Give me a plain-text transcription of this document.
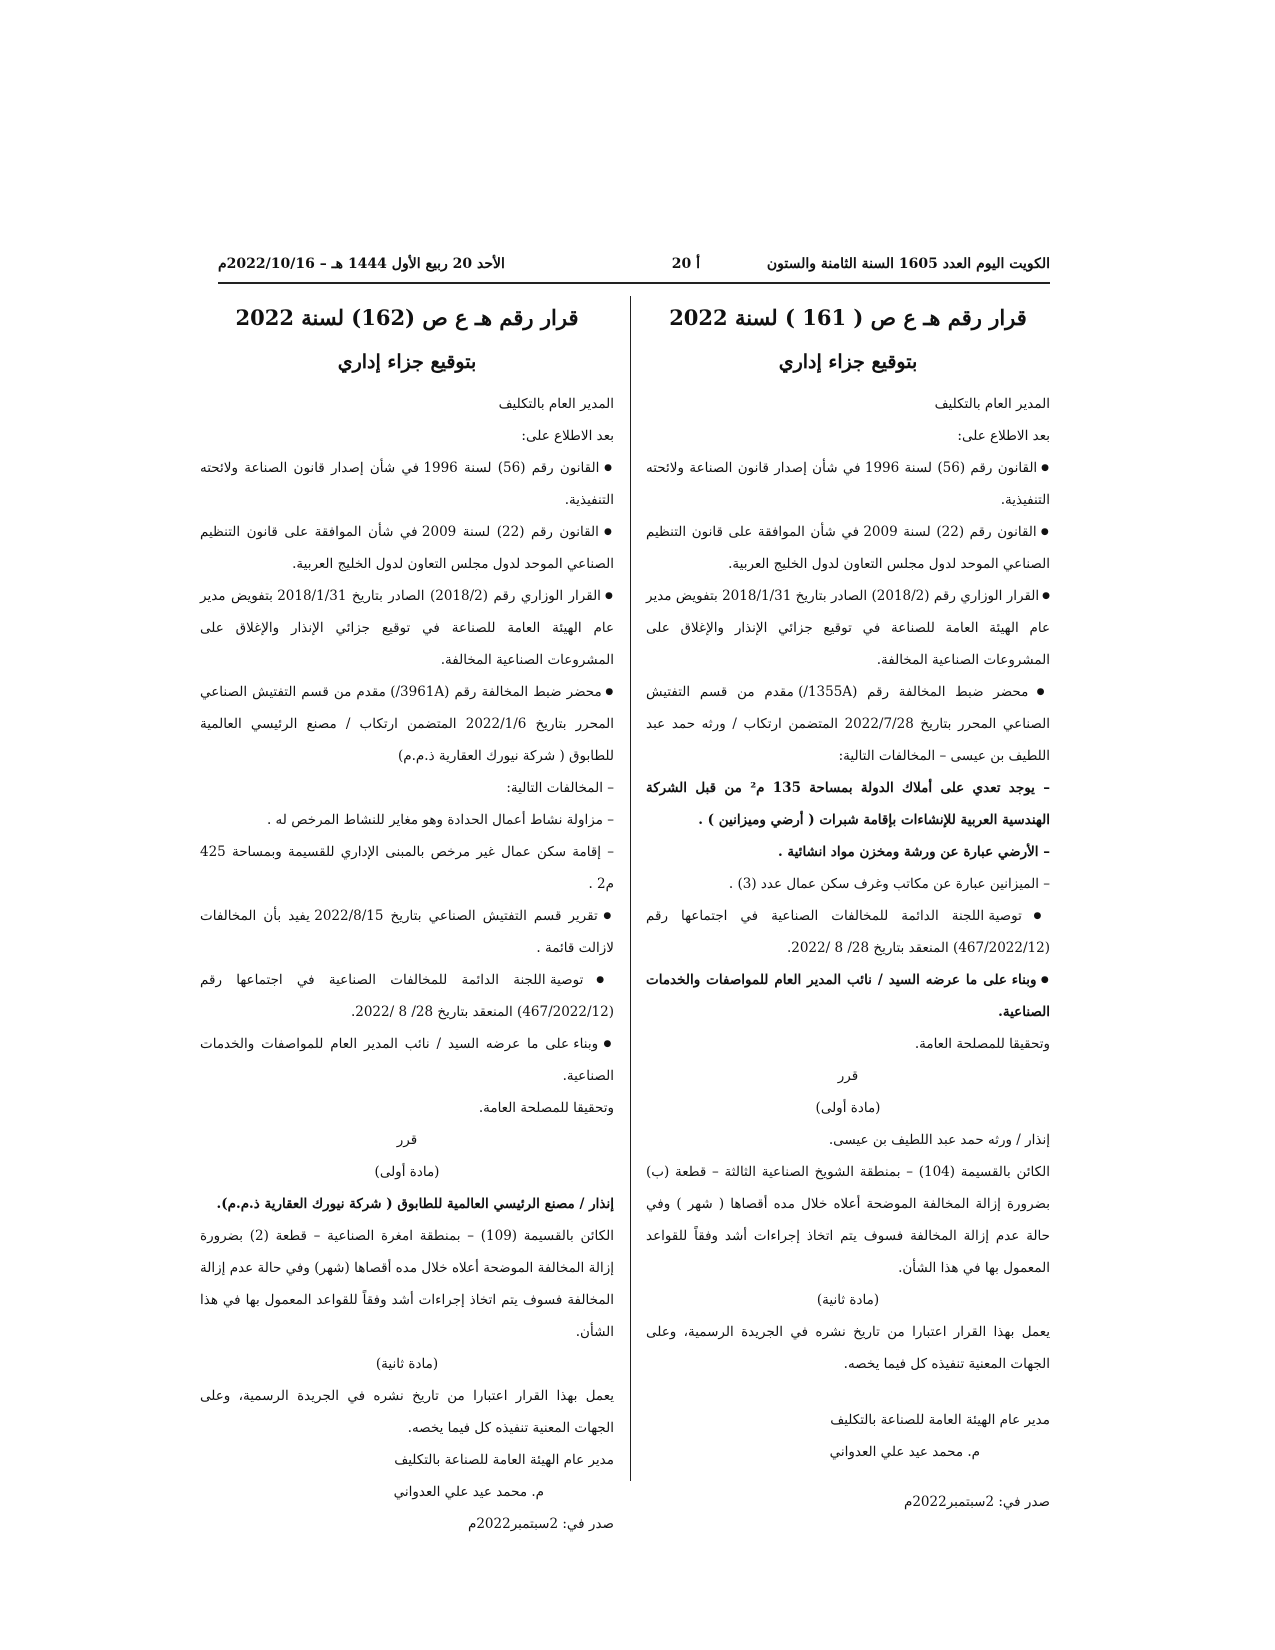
الكويت اليوم العدد 1605 السنة الثامنة والستون
أ 20
الأحد 20 ربيع الأول 1444 هـ – 2022/10/16م

قرار رقم هـ ع ص ( 161 ) لسنة 2022

بتوقيع جزاء إداري

المدير العام بالتكليف

بعد الاطلاع على:

● القانون رقم (56) لسنة 1996 في شأن إصدار قانون الصناعة ولائحته التنفيذية.

● القانون رقم (22) لسنة 2009 في شأن الموافقة على قانون التنظيم الصناعي الموحد لدول مجلس التعاون لدول الخليج العربية.

● القرار الوزاري رقم (2018/2) الصادر بتاريخ 2018/1/31 بتفويض مدير عام الهيئة العامة للصناعة في توقيع جزائي الإنذار والإغلاق على المشروعات الصناعية المخالفة.

● محضر ضبط المخالفة رقم (1355A/) مقدم من قسم التفتيش الصناعي المحرر بتاريخ 2022/7/28 المتضمن ارتكاب / ورثه حمد عبد اللطيف بن عيسى – المخالفات التالية:

– يوجد تعدي على أملاك الدولة بمساحة 135 م² من قبل الشركة الهندسية العربية للإنشاءات بإقامة شبرات ( أرضي وميزانين ) .

– الأرضي عبارة عن ورشة ومخزن مواد انشائية .

– الميزانين عبارة عن مكاتب وغرف سكن عمال عدد (3) .

● توصية اللجنة الدائمة للمخالفات الصناعية في اجتماعها رقم (467/2022/12) المنعقد بتاريخ 28/ 8 /2022.

● وبناء على ما عرضه السيد / نائب المدير العام للمواصفات والخدمات الصناعية.

وتحقيقا للمصلحة العامة.

قرر

(مادة أولى)

إنذار / ورثه حمد عبد اللطيف بن عيسى.

الكائن بالقسيمة (104) – بمنطقة الشويخ الصناعية الثالثة – قطعة (ب) بضرورة إزالة المخالفة الموضحة أعلاه خلال مده أقصاها ( شهر ) وفي حالة عدم إزالة المخالفة فسوف يتم اتخاذ إجراءات أشد وفقاً للقواعد المعمول بها في هذا الشأن.

(مادة ثانية)

يعمل بهذا القرار اعتبارا من تاريخ نشره في الجريدة الرسمية، وعلى الجهات المعنية تنفيذه كل فيما يخصه.

مدير عام الهيئة العامة للصناعة بالتكليف

م. محمد عيد علي العدواني

صدر في: 2سبتمبر2022م

قرار رقم هـ ع ص (162) لسنة 2022

بتوقيع جزاء إداري

المدير العام بالتكليف

بعد الاطلاع على:

● القانون رقم (56) لسنة 1996 في شأن إصدار قانون الصناعة ولائحته التنفيذية.

● القانون رقم (22) لسنة 2009 في شأن الموافقة على قانون التنظيم الصناعي الموحد لدول مجلس التعاون لدول الخليج العربية.

● القرار الوزاري رقم (2018/2) الصادر بتاريخ 2018/1/31 بتفويض مدير عام الهيئة العامة للصناعة في توقيع جزائي الإنذار والإغلاق على المشروعات الصناعية المخالفة.

● محضر ضبط المخالفة رقم (3961A/) مقدم من قسم التفتيش الصناعي المحرر بتاريخ 2022/1/6 المتضمن ارتكاب / مصنع الرئيسي العالمية للطابوق ( شركة نيورك العقارية ذ.م.م)

– المخالفات التالية:

– مزاولة نشاط أعمال الحدادة وهو مغاير للنشاط المرخص له .

– إقامة سكن عمال غير مرخص بالمبنى الإداري للقسيمة وبمساحة 425 م2 .

● تقرير قسم التفتيش الصناعي بتاريخ 2022/8/15 يفيد بأن المخالفات لازالت قائمة .

● توصية اللجنة الدائمة للمخالفات الصناعية في اجتماعها رقم (467/2022/12) المنعقد بتاريخ 28/ 8 /2022.

● وبناء على ما عرضه السيد / نائب المدير العام للمواصفات والخدمات الصناعية.

وتحقيقا للمصلحة العامة.

قرر

(مادة أولى)

إنذار / مصنع الرئيسي العالمية للطابوق ( شركة نيورك العقارية ذ.م.م).

الكائن بالقسيمة (109) – بمنطقة امغرة الصناعية – قطعة (2) بضرورة إزالة المخالفة الموضحة أعلاه خلال مده أقصاها (شهر) وفي حالة عدم إزالة المخالفة فسوف يتم اتخاذ إجراءات أشد وفقاً للقواعد المعمول بها في هذا الشأن.

(مادة ثانية)

يعمل بهذا القرار اعتبارا من تاريخ نشره في الجريدة الرسمية، وعلى الجهات المعنية تنفيذه كل فيما يخصه.

مدير عام الهيئة العامة للصناعة بالتكليف

م. محمد عيد علي العدواني

صدر في: 2سبتمبر2022م
